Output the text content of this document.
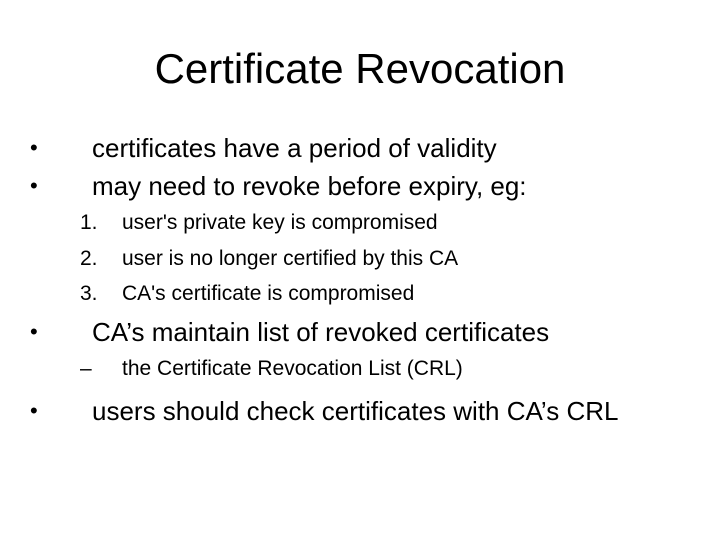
Certificate Revocation
• certificates have a period of validity
• may need to revoke before expiry, eg:
1. user's private key is compromised
2. user is no longer certified by this CA
3. CA's certificate is compromised
• CA’s maintain list of revoked certificates
– the Certificate Revocation List (CRL)
• users should check certificates with CA’s CRL
